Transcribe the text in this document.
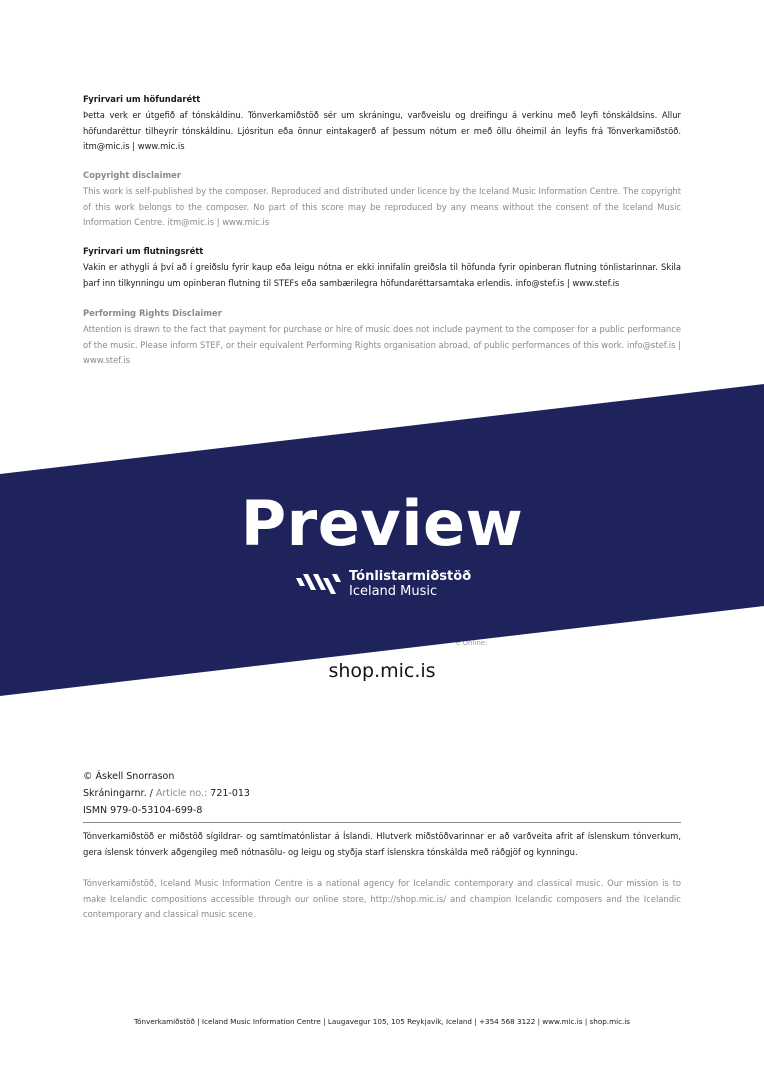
Fyrirvari um höfundarétt

Þetta verk er útgefið af tónskáldinu. Tónverkamiðstöð sér um skráningu, varðveislu og dreifingu á verkinu með leyfi tónskáldsins. Allur höfundaréttur tilheyrir tónskáldinu. Ljósritun eða önnur eintakagerð af þessum nótum er með öllu óheimil án leyfis frá Tónverkamiðstöð. itm@mic.is | www.mic.is

Copyright disclaimer

This work is self-published by the composer. Reproduced and distributed under licence by the Iceland Music Information Centre. The copyright of this work belongs to the composer. No part of this score may be reproduced by any means without the consent of the Iceland Music Information Centre. itm@mic.is | www.mic.is

Fyrirvari um flutningsrétt

Vakin er athygli á því að í greiðslu fyrir kaup eða leigu nótna er ekki innifalin greiðsla til höfunda fyrir opinberan flutning tónlistarinnar. Skila þarf inn tilkynningu um opinberan flutning til STEFs eða sambærilegra höfundaréttarsamtaka erlendis. info@stef.is | www.stef.is

Performing Rights Disclaimer

Attention is drawn to the fact that payment for purchase or hire of music does not include payment to the composer for a public performance of the music. Please inform STEF, or their equivalent Performing Rights organisation abroad, of public performances of this work. info@stef.is | www.stef.is

e Online:
Preview
Tónlistarmiðstöð
Iceland Music
shop.mic.is
© Áskell Snorrason
Skráningarnr. / Article no.: 721-013
ISMN 979-0-53104-699-8

Tónverkamiðstöð er miðstöð sígildrar- og samtímatónlistar á Íslandi. Hlutverk miðstöðvarinnar er að varðveita afrit af íslenskum tónverkum, gera íslensk tónverk aðgengileg með nótnasölu- og leigu og styðja starf íslenskra tónskálda með ráðgjöf og kynningu.

Tónverkamiðstöð, Iceland Music Information Centre is a national agency for Icelandic contemporary and classical music. Our mission is to make Icelandic compositions accessible through our online store, http://shop.mic.is/ and champion Icelandic composers and the Icelandic contemporary and classical music scene.

Tónverkamiðstöð | Iceland Music Information Centre | Laugavegur 105, 105 Reykjavík, Iceland | +354 568 3122 | www.mic.is | shop.mic.is
